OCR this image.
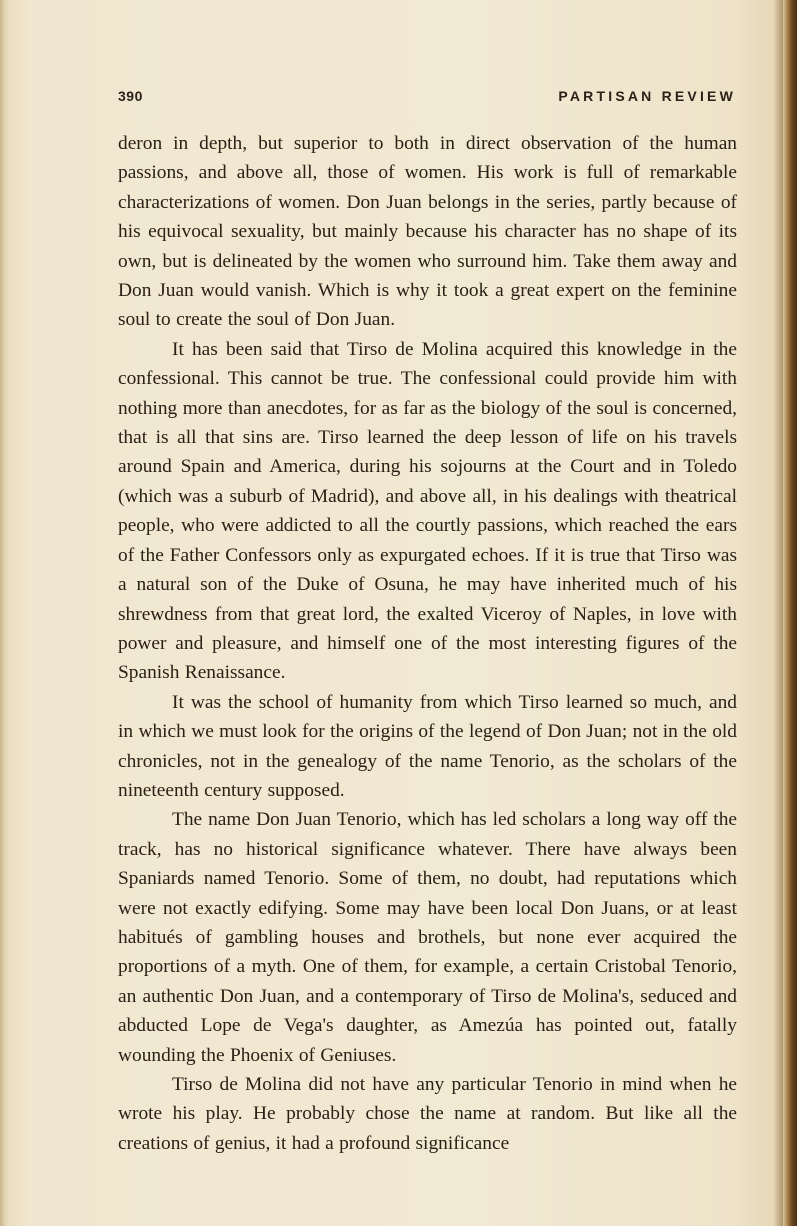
390	PARTISAN REVIEW

deron in depth, but superior to both in direct observation of the human passions, and above all, those of women. His work is full of remarkable characterizations of women. Don Juan belongs in the series, partly because of his equivocal sexuality, but mainly because his character has no shape of its own, but is delineated by the women who surround him. Take them away and Don Juan would vanish. Which is why it took a great expert on the feminine soul to create the soul of Don Juan.

It has been said that Tirso de Molina acquired this knowledge in the confessional. This cannot be true. The confessional could provide him with nothing more than anecdotes, for as far as the biology of the soul is concerned, that is all that sins are. Tirso learned the deep lesson of life on his travels around Spain and America, during his sojourns at the Court and in Toledo (which was a suburb of Madrid), and above all, in his dealings with theatrical people, who were addicted to all the courtly passions, which reached the ears of the Father Confessors only as expurgated echoes. If it is true that Tirso was a natural son of the Duke of Osuna, he may have inherited much of his shrewdness from that great lord, the exalted Viceroy of Naples, in love with power and pleasure, and himself one of the most interesting figures of the Spanish Renaissance.

It was the school of humanity from which Tirso learned so much, and in which we must look for the origins of the legend of Don Juan; not in the old chronicles, not in the genealogy of the name Tenorio, as the scholars of the nineteenth century supposed.

The name Don Juan Tenorio, which has led scholars a long way off the track, has no historical significance whatever. There have always been Spaniards named Tenorio. Some of them, no doubt, had reputations which were not exactly edifying. Some may have been local Don Juans, or at least habitués of gambling houses and brothels, but none ever acquired the proportions of a myth. One of them, for example, a certain Cristobal Tenorio, an authentic Don Juan, and a contemporary of Tirso de Molina's, seduced and abducted Lope de Vega's daughter, as Amezúa has pointed out, fatally wounding the Phoenix of Geniuses.

Tirso de Molina did not have any particular Tenorio in mind when he wrote his play. He probably chose the name at random. But like all the creations of genius, it had a profound significance
